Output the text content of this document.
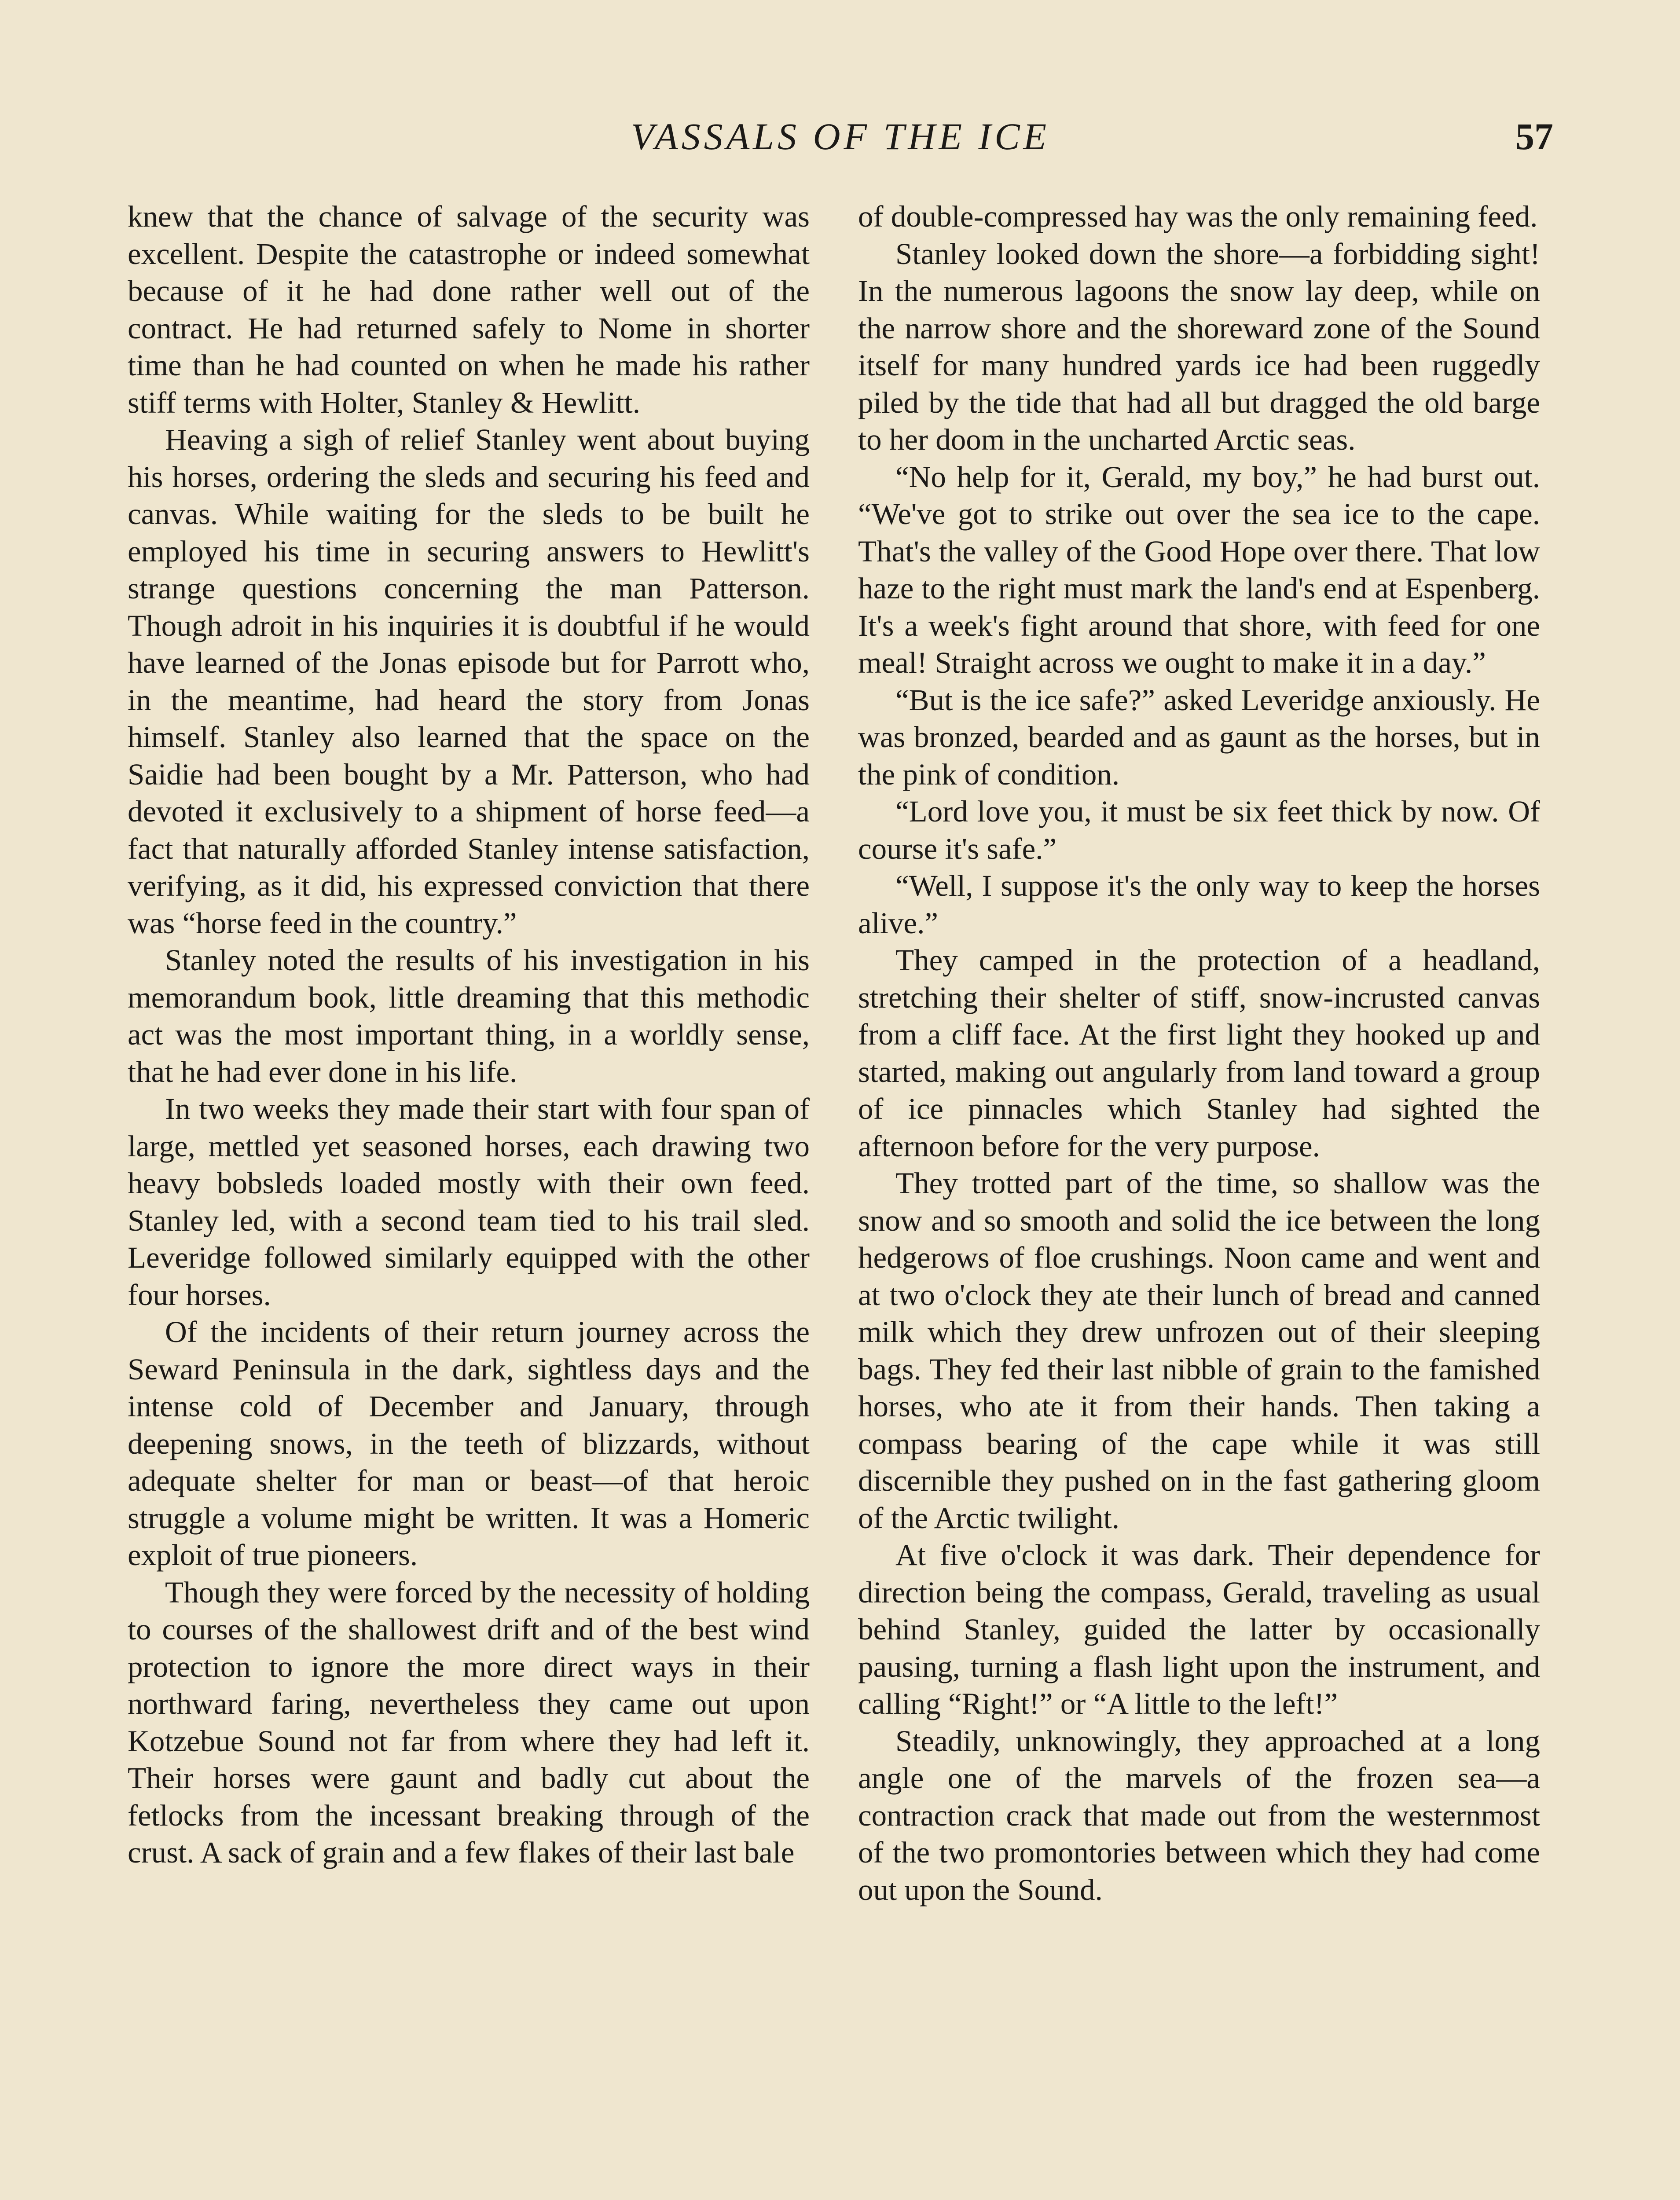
VASSALS OF THE ICE	57

knew that the chance of salvage of the security was excellent. Despite the catastrophe or indeed somewhat because of it he had done rather well out of the contract. He had returned safely to Nome in shorter time than he had counted on when he made his rather stiff terms with Holter, Stanley & Hewlitt.

Heaving a sigh of relief Stanley went about buying his horses, ordering the sleds and securing his feed and canvas. While waiting for the sleds to be built he employed his time in securing answers to Hewlitt's strange questions concerning the man Patterson. Though adroit in his inquiries it is doubtful if he would have learned of the Jonas episode but for Parrott who, in the meantime, had heard the story from Jonas himself. Stanley also learned that the space on the Saidie had been bought by a Mr. Patterson, who had devoted it exclusively to a shipment of horse feed—a fact that naturally afforded Stanley intense satisfaction, verifying, as it did, his expressed conviction that there was “horse feed in the country.”

Stanley noted the results of his investigation in his memorandum book, little dreaming that this methodic act was the most important thing, in a worldly sense, that he had ever done in his life.

In two weeks they made their start with four span of large, mettled yet seasoned horses, each drawing two heavy bobsleds loaded mostly with their own feed. Stanley led, with a second team tied to his trail sled. Leveridge followed similarly equipped with the other four horses.

Of the incidents of their return journey across the Seward Peninsula in the dark, sightless days and the intense cold of December and January, through deepening snows, in the teeth of blizzards, without adequate shelter for man or beast—of that heroic struggle a volume might be written. It was a Homeric exploit of true pioneers.

Though they were forced by the necessity of holding to courses of the shallowest drift and of the best wind protection to ignore the more direct ways in their northward faring, nevertheless they came out upon Kotzebue Sound not far from where they had left it. Their horses were gaunt and badly cut about the fetlocks from the incessant breaking through of the crust. A sack of grain and a few flakes of their last bale

of double-compressed hay was the only remaining feed.

Stanley looked down the shore—a forbidding sight! In the numerous lagoons the snow lay deep, while on the narrow shore and the shoreward zone of the Sound itself for many hundred yards ice had been ruggedly piled by the tide that had all but dragged the old barge to her doom in the uncharted Arctic seas.

“No help for it, Gerald, my boy,” he had burst out. “We've got to strike out over the sea ice to the cape. That's the valley of the Good Hope over there. That low haze to the right must mark the land's end at Espenberg. It's a week's fight around that shore, with feed for one meal! Straight across we ought to make it in a day.”

“But is the ice safe?” asked Leveridge anxiously. He was bronzed, bearded and as gaunt as the horses, but in the pink of condition.

“Lord love you, it must be six feet thick by now. Of course it's safe.”

“Well, I suppose it's the only way to keep the horses alive.”

They camped in the protection of a headland, stretching their shelter of stiff, snow-incrusted canvas from a cliff face. At the first light they hooked up and started, making out angularly from land toward a group of ice pinnacles which Stanley had sighted the afternoon before for the very purpose.

They trotted part of the time, so shallow was the snow and so smooth and solid the ice between the long hedgerows of floe crushings. Noon came and went and at two o'clock they ate their lunch of bread and canned milk which they drew unfrozen out of their sleeping bags. They fed their last nibble of grain to the famished horses, who ate it from their hands. Then taking a compass bearing of the cape while it was still discernible they pushed on in the fast gathering gloom of the Arctic twilight.

At five o'clock it was dark. Their dependence for direction being the compass, Gerald, traveling as usual behind Stanley, guided the latter by occasionally pausing, turning a flash light upon the instrument, and calling “Right!” or “A little to the left!”

Steadily, unknowingly, they approached at a long angle one of the marvels of the frozen sea—a contraction crack that made out from the westernmost of the two promontories between which they had come out upon the Sound.
